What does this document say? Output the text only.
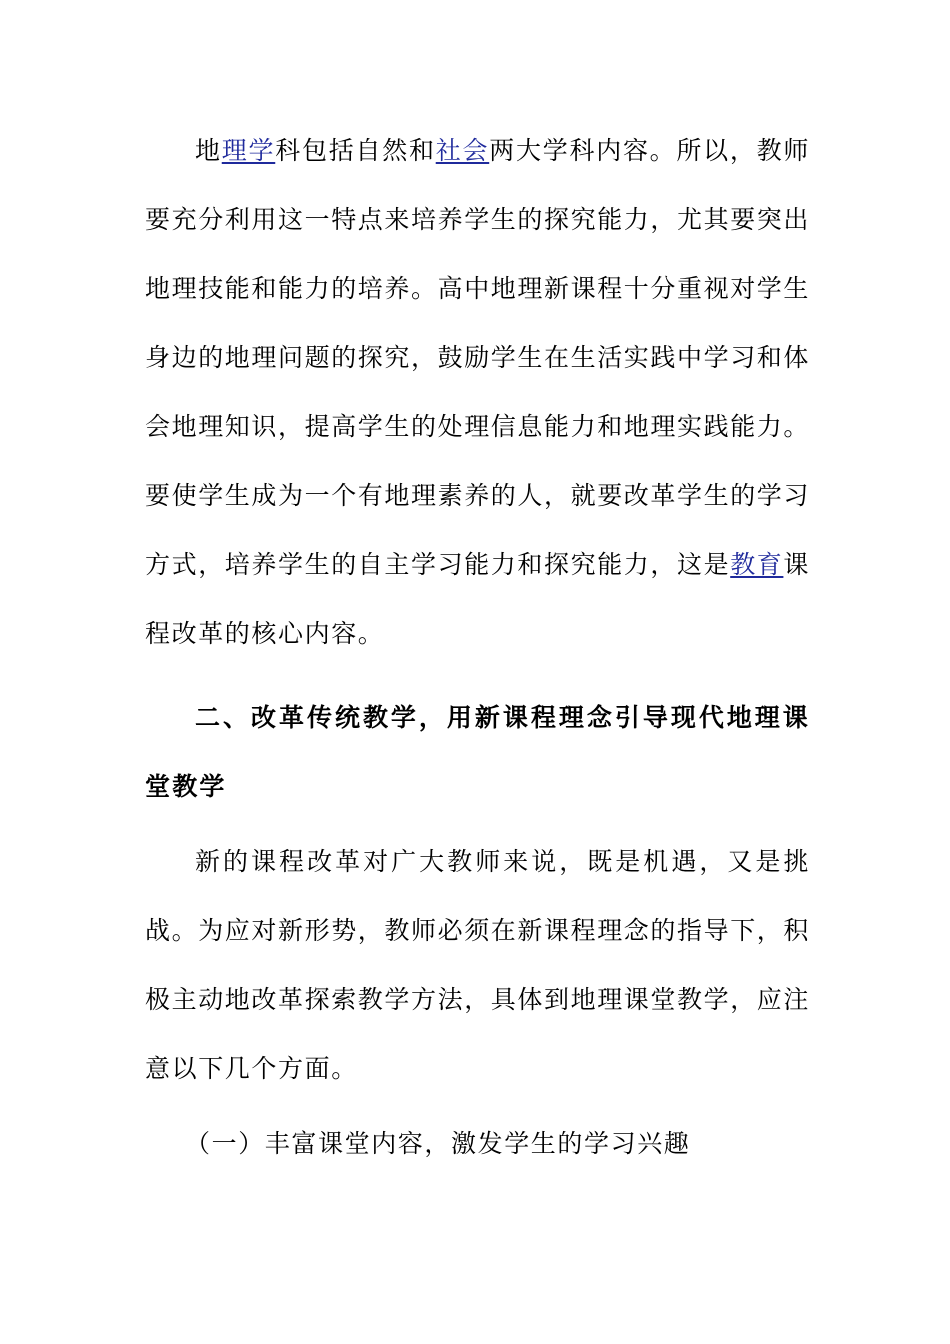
地理学科包括自然和社会两大学科内容。所以，教师要充分利用这一特点来培养学生的探究能力，尤其要突出地理技能和能力的培养。高中地理新课程十分重视对学生身边的地理问题的探究，鼓励学生在生活实践中学习和体会地理知识，提高学生的处理信息能力和地理实践能力。要使学生成为一个有地理素养的人，就要改革学生的学习方式，培养学生的自主学习能力和探究能力，这是教育课程改革的核心内容。

二、改革传统教学，用新课程理念引导现代地理课堂教学

新的课程改革对广大教师来说，既是机遇，又是挑战。为应对新形势，教师必须在新课程理念的指导下，积极主动地改革探索教学方法，具体到地理课堂教学，应注意以下几个方面。

（一）丰富课堂内容，激发学生的学习兴趣
